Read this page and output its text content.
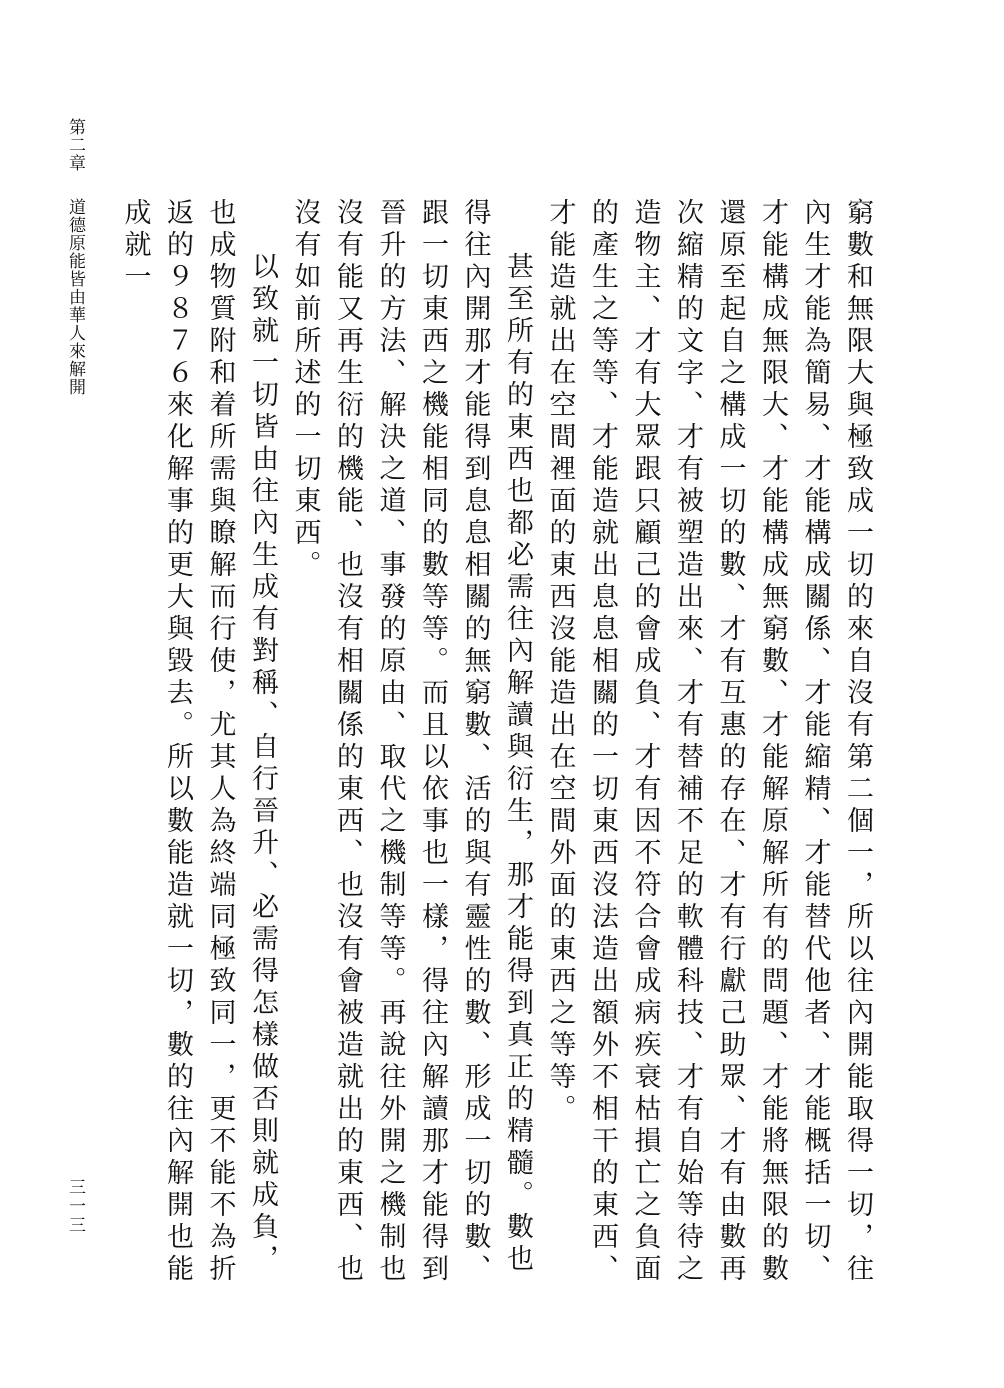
第二章道德原能皆由華人來解開
三一三	窮數和無限大與極致成一切的來自沒有第二個一，所以往內開能取得一切，往內生才能為簡易、才能構成關係、才能縮精、才能替代他者、才能概括一切、才能構成無限大、才能構成無窮數、才能解原解所有的問題、才能將無限的數還原至起自之構成一切的數、才有互惠的存在、才有行獻己助眾、才有由數再次縮精的文字、才有被塑造出來、才有替補不足的軟體科技、才有自始等待之造物主、才有大眾跟只顧己的會成負、才有因不符合會成病疾衰枯損亡之負面的產生之等等、才能造就出息息相關的一切東西沒法造出額外不相干的東西、才能造就出在空間裡面的東西沒能造出在空間外面的東西之等等。

甚至所有的東西也都必需往內解讀與衍生，那才能得到真正的精髓。數也得往內開那才能得到息息相關的無窮數、活的與有靈性的數、形成一切的數、跟一切東西之機能相同的數等等。而且以依事也一樣，得往內解讀那才能得到晉升的方法、解決之道、事發的原由、取代之機制等等。再說往外開之機制也沒有能又再生衍的機能、也沒有相關係的東西、也沒有會被造就出的東西、也沒有如前所述的一切東西。

以致就一切皆由往內生成有對稱、自行晉升、必需得怎樣做否則就成負，也成物質附和着所需與瞭解而行使，尤其人為終端同極致同一，更不能不為折返的９８７６來化解事的更大與毀去。所以數能造就一切，數的往內解開也能成就一
